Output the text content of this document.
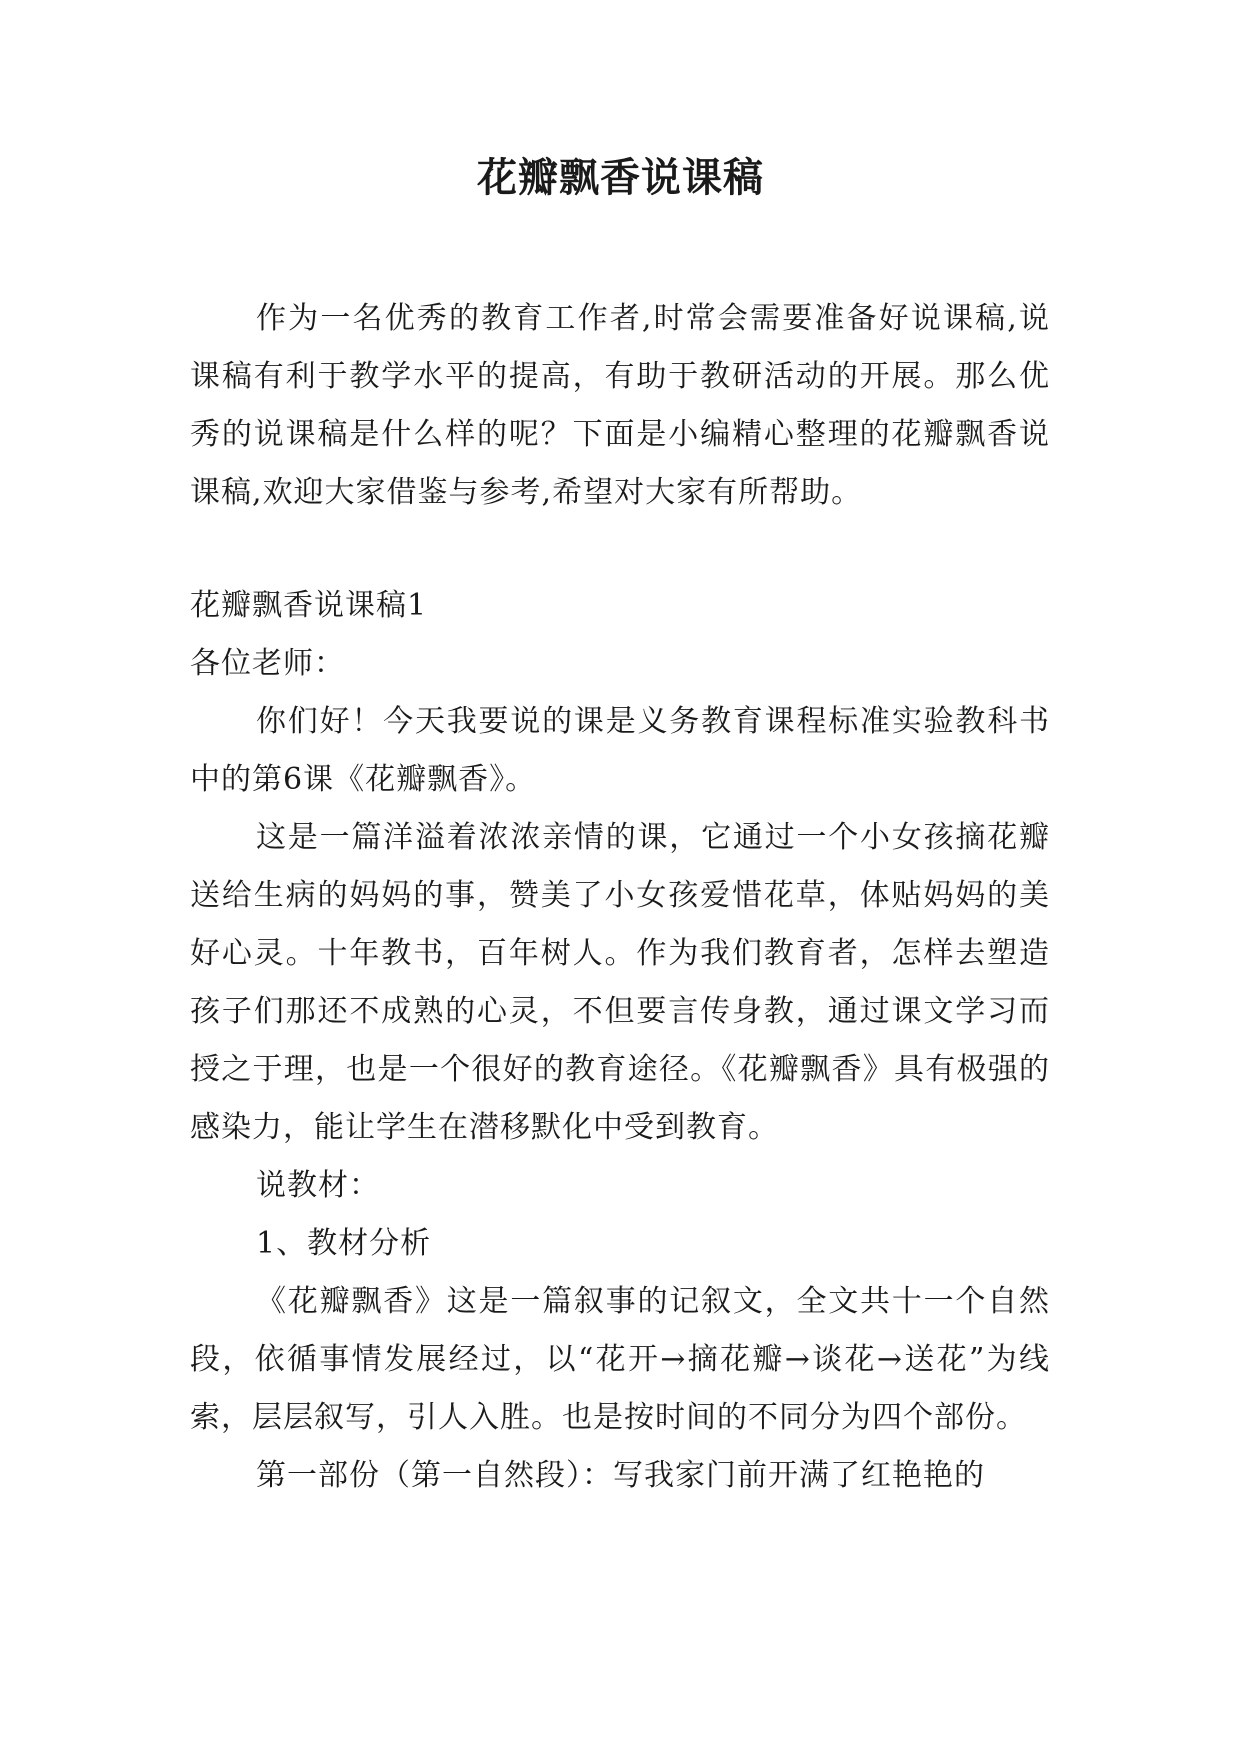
花瓣飘香说课稿

作为一名优秀的教育工作者,时常会需要准备好说课稿,说课稿有利于教学水平的提高，有助于教研活动的开展。那么优秀的说课稿是什么样的呢？下面是小编精心整理的花瓣飘香说课稿,欢迎大家借鉴与参考,希望对大家有所帮助。

花瓣飘香说课稿1

各位老师：

你们好！今天我要说的课是义务教育课程标准实验教科书中的第6课《花瓣飘香》。

这是一篇洋溢着浓浓亲情的课，它通过一个小女孩摘花瓣送给生病的妈妈的事，赞美了小女孩爱惜花草，体贴妈妈的美好心灵。十年教书，百年树人。作为我们教育者，怎样去塑造孩子们那还不成熟的心灵，不但要言传身教，通过课文学习而授之于理，也是一个很好的教育途径。《花瓣飘香》具有极强的感染力，能让学生在潜移默化中受到教育。

说教材：

1、教材分析

《花瓣飘香》这是一篇叙事的记叙文，全文共十一个自然段，依循事情发展经过，以“花开→摘花瓣→谈花→送花”为线索，层层叙写，引人入胜。也是按时间的不同分为四个部份。

第一部份（第一自然段）：写我家门前开满了红艳艳的
